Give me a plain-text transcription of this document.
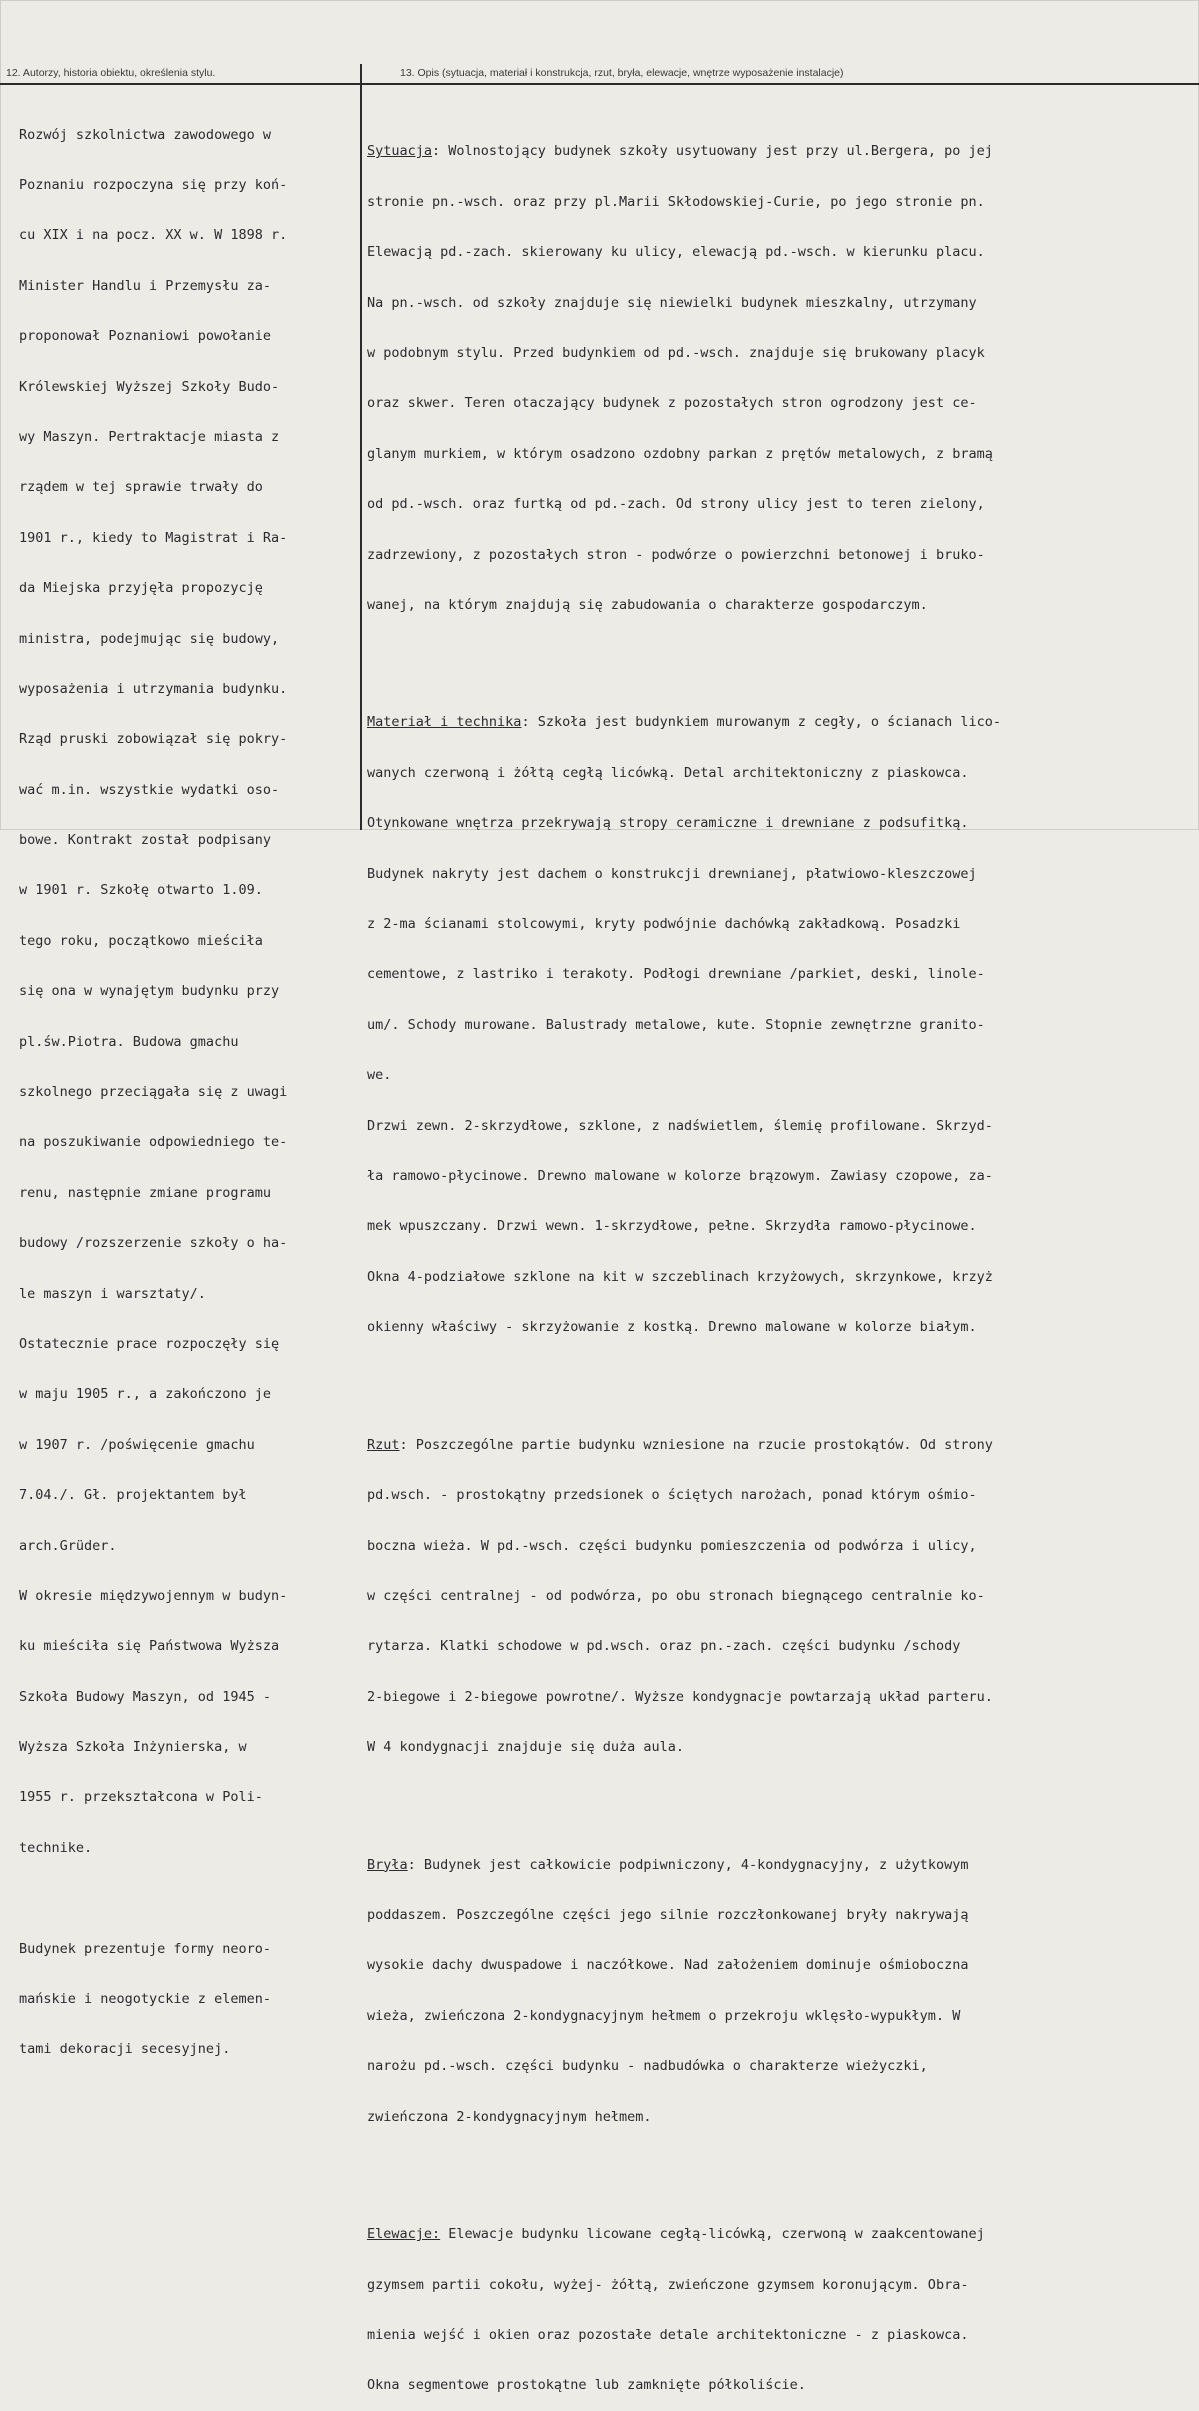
12. Autorzy, historia obiektu, określenia stylu.	13. Opis (sytuacja, materiał i konstrukcja, rzut, bryła, elewacje, wnętrze wyposażenie instalacje)

Rozwój szkolnictwa zawodowego w

Poznaniu rozpoczyna się przy koń-

cu XIX i na pocz. XX w. W 1898 r.

Minister Handlu i Przemysłu za-

proponował Poznaniowi powołanie

Królewskiej Wyższej Szkoły Budo-

wy Maszyn. Pertraktacje miasta z

rządem w tej sprawie trwały do

1901 r., kiedy to Magistrat i Ra-

da Miejska przyjęła propozycję

ministra, podejmując się budowy,

wyposażenia i utrzymania budynku.

Rząd pruski zobowiązał się pokry-

wać m.in. wszystkie wydatki oso-

bowe. Kontrakt został podpisany

w 1901 r. Szkołę otwarto 1.09.

tego roku, początkowo mieściła

się ona w wynajętym budynku przy

pl.św.Piotra. Budowa gmachu

szkolnego przeciągała się z uwagi

na poszukiwanie odpowiedniego te-

renu, następnie zmiane programu

budowy /rozszerzenie szkoły o ha-

le maszyn i warsztaty/.

Ostatecznie prace rozpoczęły się

w maju 1905 r., a zakończono je

w 1907 r. /poświęcenie gmachu

7.04./. Gł. projektantem był

arch.Grüder.

W okresie międzywojennym w budyn-

ku mieściła się Państwowa Wyższa

Szkoła Budowy Maszyn, od 1945 -

Wyższa Szkoła Inżynierska, w

1955 r. przekształcona w Poli-

technike.

Budynek prezentuje formy neoro-

mańskie i neogotyckie z elemen-

tami dekoracji secesyjnej.

Sytuacja: Wolnostojący budynek szkoły usytuowany jest przy ul.Bergera, po jej

stronie pn.-wsch. oraz przy pl.Marii Skłodowskiej-Curie, po jego stronie pn.

Elewacją pd.-zach. skierowany ku ulicy, elewacją pd.-wsch. w kierunku placu.

Na pn.-wsch. od szkoły znajduje się niewielki budynek mieszkalny, utrzymany

w podobnym stylu. Przed budynkiem od pd.-wsch. znajduje się brukowany placyk

oraz skwer. Teren otaczający budynek z pozostałych stron ogrodzony jest ce-

glanym murkiem, w którym osadzono ozdobny parkan z prętów metalowych, z bramą

od pd.-wsch. oraz furtką od pd.-zach. Od strony ulicy jest to teren zielony,

zadrzewiony, z pozostałych stron - podwórze o powierzchni betonowej i bruko-

wanej, na którym znajdują się zabudowania o charakterze gospodarczym.

Materiał i technika: Szkoła jest budynkiem murowanym z cegły, o ścianach lico-

wanych czerwoną i żółtą cegłą licówką. Detal architektoniczny z piaskowca.

Otynkowane wnętrza przekrywają stropy ceramiczne i drewniane z podsufitką.

Budynek nakryty jest dachem o konstrukcji drewnianej, płatwiowo-kleszczowej

z 2-ma ścianami stolcowymi, kryty podwójnie dachówką zakładkową. Posadzki

cementowe, z lastriko i terakoty. Podłogi drewniane /parkiet, deski, linole-

um/. Schody murowane. Balustrady metalowe, kute. Stopnie zewnętrzne granito-

we.

Drzwi zewn. 2-skrzydłowe, szklone, z nadświetlem, ślemię profilowane. Skrzyd-

ła ramowo-płycinowe. Drewno malowane w kolorze brązowym. Zawiasy czopowe, za-

mek wpuszczany. Drzwi wewn. 1-skrzydłowe, pełne. Skrzydła ramowo-płycinowe.

Okna 4-podziałowe szklone na kit w szczeblinach krzyżowych, skrzynkowe, krzyż

okienny właściwy - skrzyżowanie z kostką. Drewno malowane w kolorze białym.

Rzut: Poszczególne partie budynku wzniesione na rzucie prostokątów. Od strony

pd.wsch. - prostokątny przedsionek o ściętych narożach, ponad którym ośmio-

boczna wieża. W pd.-wsch. części budynku pomieszczenia od podwórza i ulicy,

w części centralnej - od podwórza, po obu stronach biegnącego centralnie ko-

rytarza. Klatki schodowe w pd.wsch. oraz pn.-zach. części budynku /schody

2-biegowe i 2-biegowe powrotne/. Wyższe kondygnacje powtarzają układ parteru.

W 4 kondygnacji znajduje się duża aula.

Bryła: Budynek jest całkowicie podpiwniczony, 4-kondygnacyjny, z użytkowym

poddaszem. Poszczególne części jego silnie rozczłonkowanej bryły nakrywają

wysokie dachy dwuspadowe i naczółkowe. Nad założeniem dominuje ośmioboczna

wieża, zwieńczona 2-kondygnacyjnym hełmem o przekroju wklęsło-wypukłym. W

narożu pd.-wsch. części budynku - nadbudówka o charakterze wieżyczki,

zwieńczona 2-kondygnacyjnym hełmem.

Elewacje: Elewacje budynku licowane cegłą-licówką, czerwoną w zaakcentowanej

gzymsem partii cokołu, wyżej- żółtą, zwieńczone gzymsem koronującym. Obra-

mienia wejść i okien oraz pozostałe detale architektoniczne - z piaskowca.

Okna segmentowe prostokątne lub zamknięte półkoliście.
